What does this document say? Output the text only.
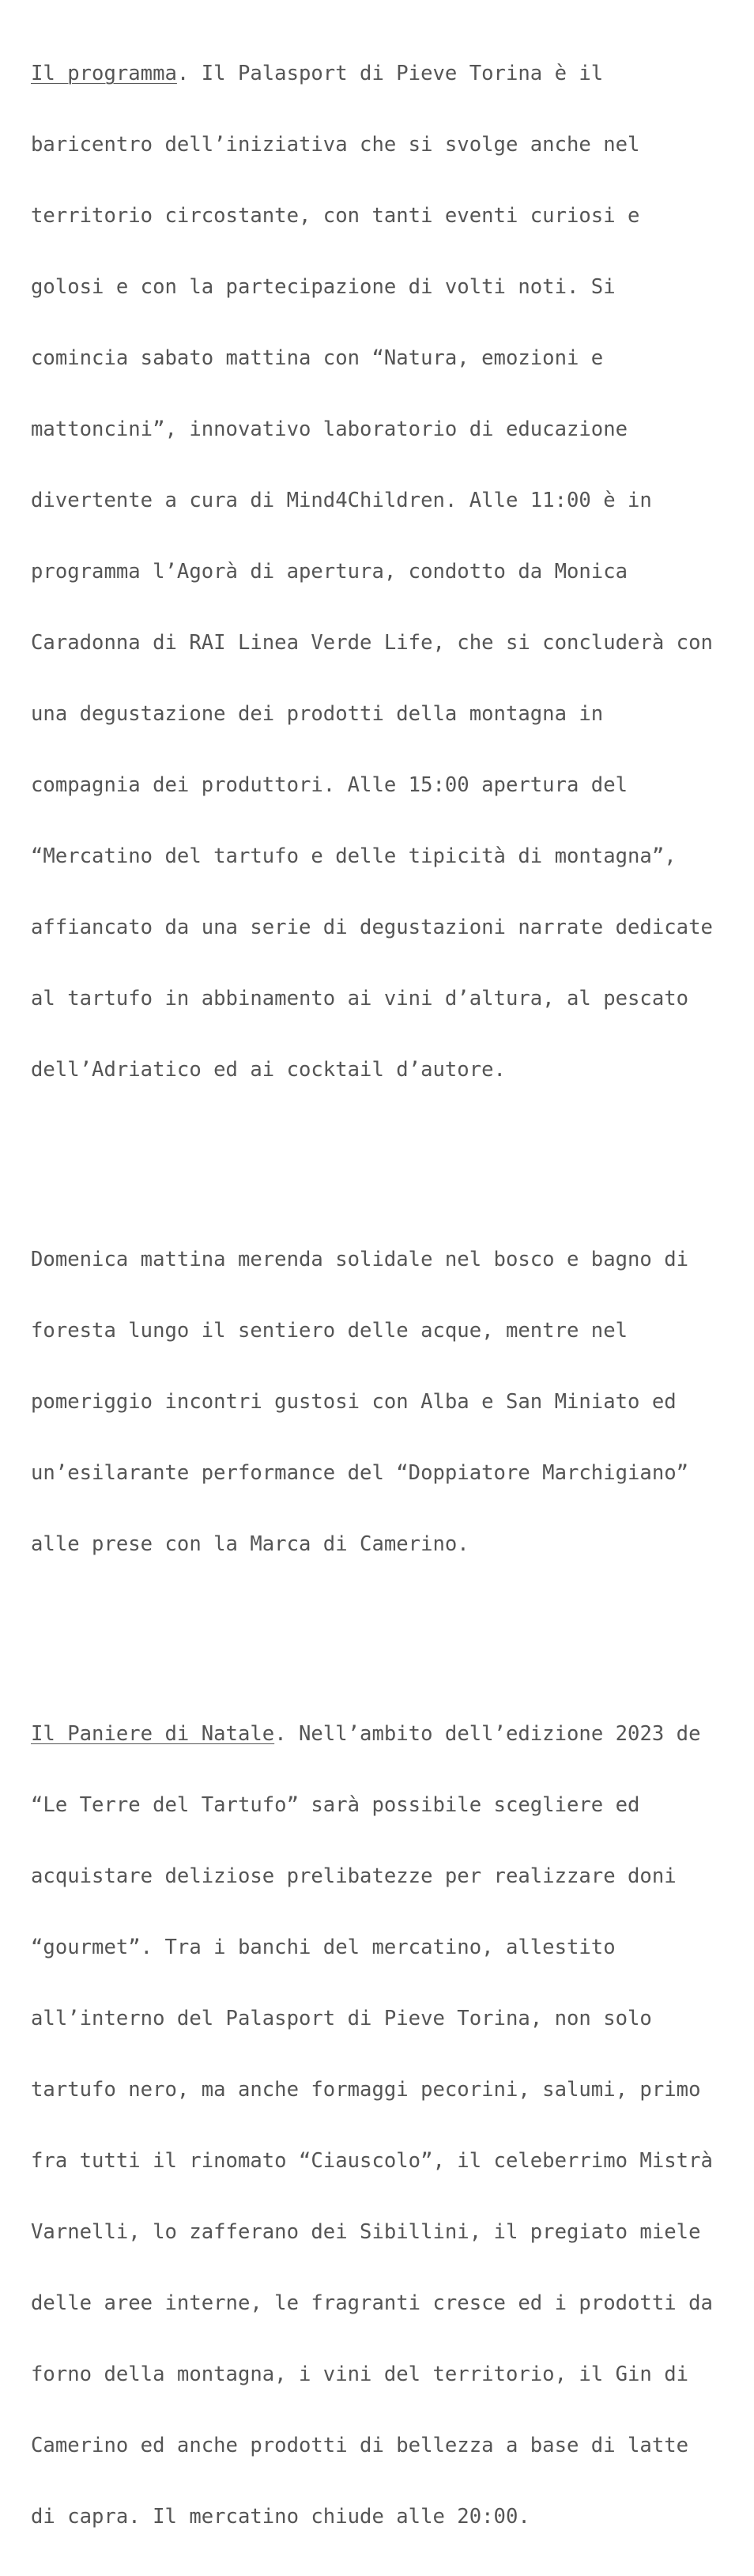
Il programma. Il Palasport di Pieve Torina è il

baricentro dell’iniziativa che si svolge anche nel

territorio circostante, con tanti eventi curiosi e

golosi e con la partecipazione di volti noti. Si

comincia sabato mattina con “Natura, emozioni e

mattoncini”, innovativo laboratorio di educazione

divertente a cura di Mind4Children. Alle 11:00 è in

programma l’Agorà di apertura, condotto da Monica

Caradonna di RAI Linea Verde Life, che si concluderà con

una degustazione dei prodotti della montagna in

compagnia dei produttori. Alle 15:00 apertura del

“Mercatino del tartufo e delle tipicità di montagna”,

affiancato da una serie di degustazioni narrate dedicate

al tartufo in abbinamento ai vini d’altura, al pescato

dell’Adriatico ed ai cocktail d’autore.

Domenica mattina merenda solidale nel bosco e bagno di

foresta lungo il sentiero delle acque, mentre nel

pomeriggio incontri gustosi con Alba e San Miniato ed

un’esilarante performance del “Doppiatore Marchigiano”

alle prese con la Marca di Camerino.

Il Paniere di Natale. Nell’ambito dell’edizione 2023 de

“Le Terre del Tartufo” sarà possibile scegliere ed

acquistare deliziose prelibatezze per realizzare doni

“gourmet”. Tra i banchi del mercatino, allestito

all’interno del Palasport di Pieve Torina, non solo

tartufo nero, ma anche formaggi pecorini, salumi, primo

fra tutti il rinomato “Ciauscolo”, il celeberrimo Mistrà

Varnelli, lo zafferano dei Sibillini, il pregiato miele

delle aree interne, le fragranti cresce ed i prodotti da

forno della montagna, i vini del territorio, il Gin di

Camerino ed anche prodotti di bellezza a base di latte

di capra. Il mercatino chiude alle 20:00.
